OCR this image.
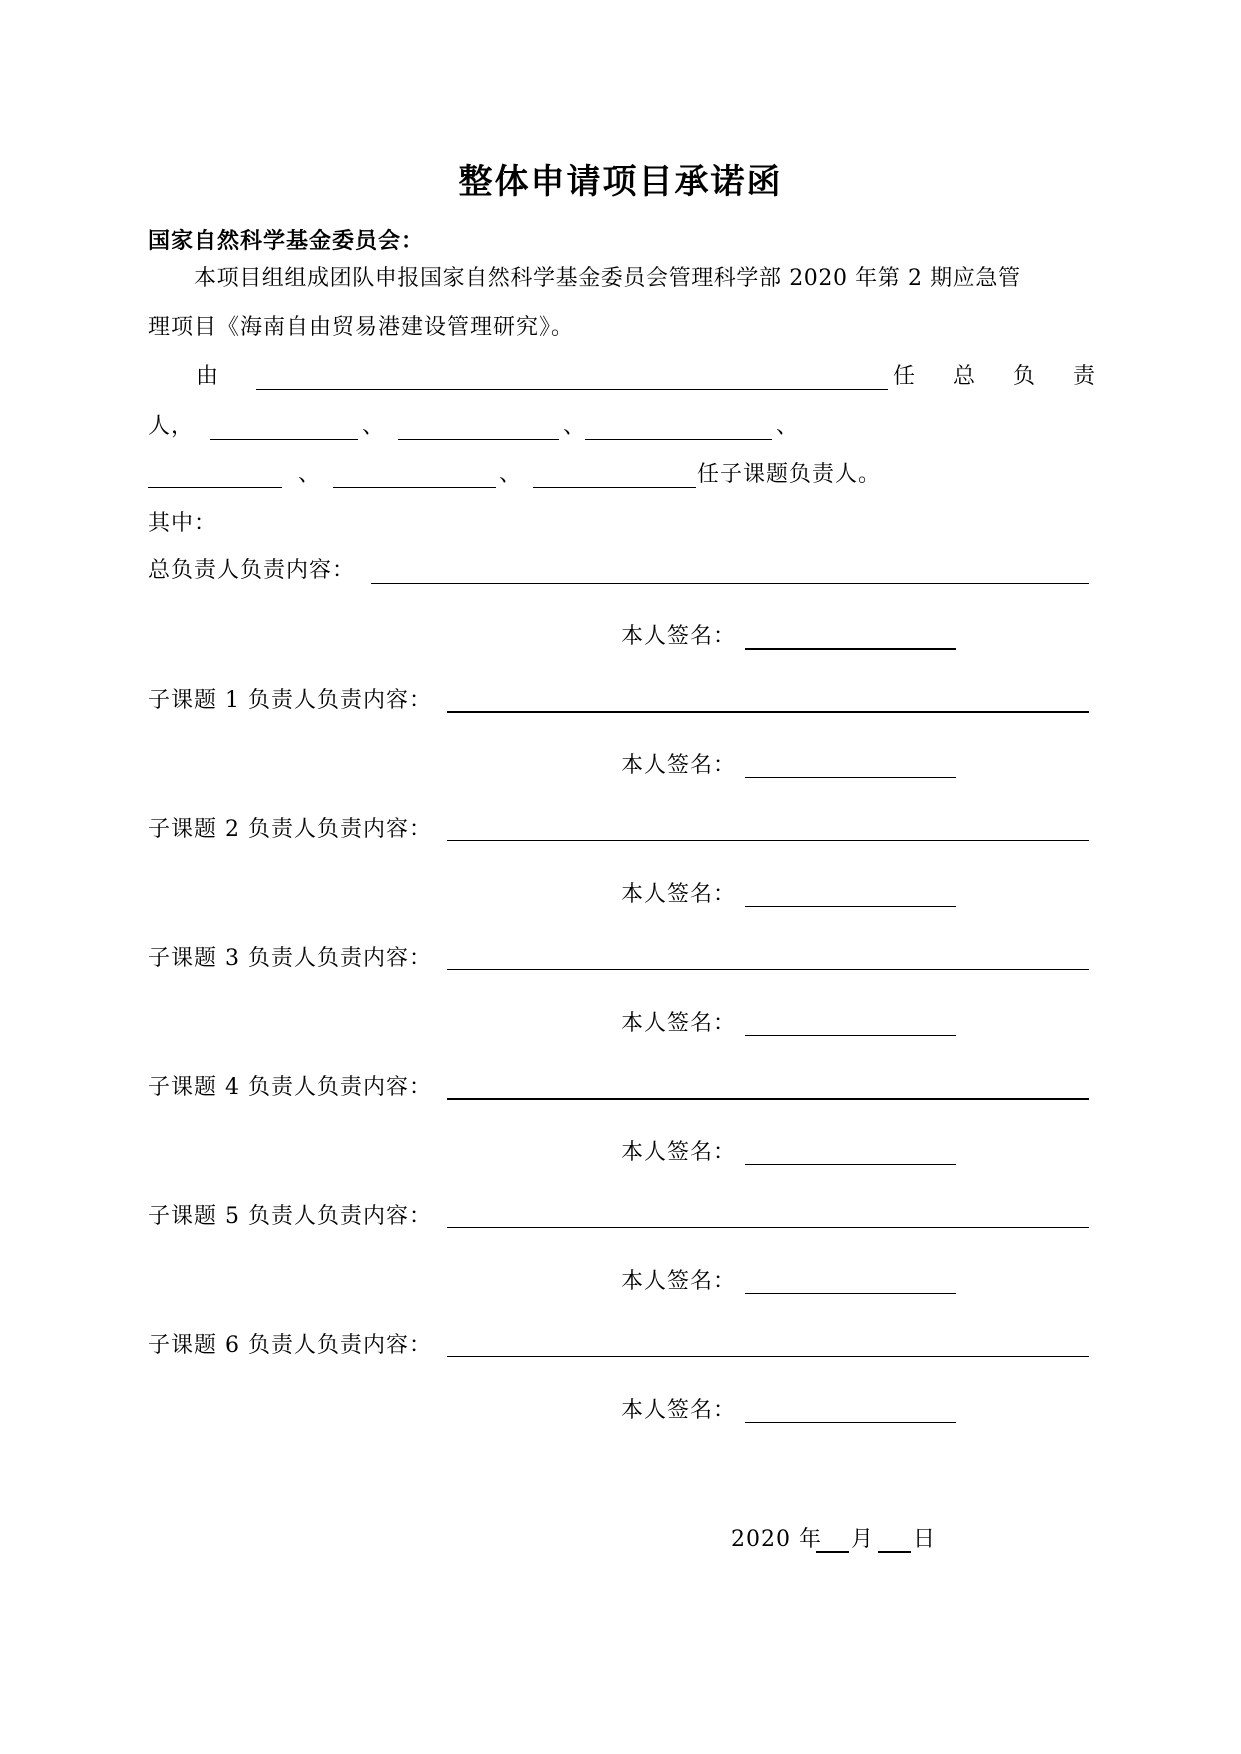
整体申请项目承诺函
国家自然科学基金委员会：
本项目组组成团队申报国家自然科学基金委员会管理科学部 2020 年第 2 期应急管
理项目《海南自由贸易港建设管理研究》。
由	任 总 负 责
人，	、	、	、
、	、	任子课题负责人。
其中：
总负责人负责内容：
本人签名：
子课题 1 负责人负责内容：
本人签名：
子课题 2 负责人负责内容：
本人签名：
子课题 3 负责人负责内容：
本人签名：
子课题 4 负责人负责内容：
本人签名：
子课题 5 负责人负责内容：
本人签名：
子课题 6 负责人负责内容：
本人签名：
2020 年 月 日
